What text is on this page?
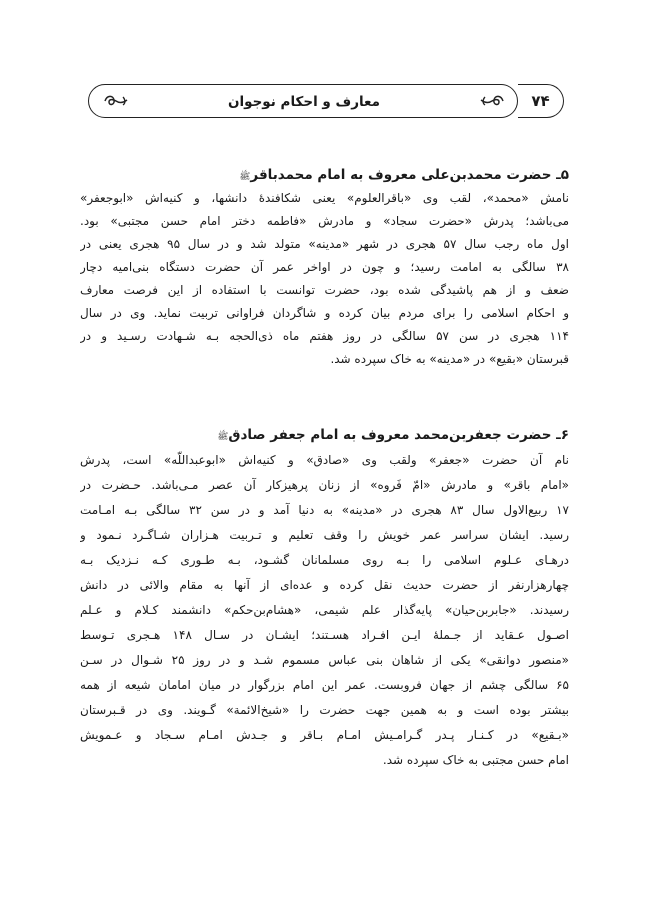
معارف و احکام نوجوان	۷۴
۵ـ حضرت محمدبن‌علی معروف به امام محمدباقرﷺ
نامش «محمد»، لقب وی «باقرالعلوم» یعنی شکافندهٔ دانشها، و کنیه‌اش «ابوجعفر»
می‌باشد؛ پدرش «حضرت سجاد» و مادرش «فاطمه دختر امام حسن مجتبی» بود.
اول ماه رجب سال ۵۷ هجری در شهر «مدینه» متولد شد و در سال ۹۵ هجری یعنی در
۳۸ سالگی به امامت رسید؛ و چون در اواخر عمر آن حضرت دستگاه بنی‌امیه دچار
ضعف و از هم پاشیدگی شده بود، حضرت توانست با استفاده از این فرصت معارف
و احکام اسلامی را برای مردم بیان کرده و شاگردان فراوانی تربیت نماید. وی در سال
۱۱۴ هجری در سن ۵۷ سالگی در روز هفتم ماه ذی‌الحجه بـه شـهادت رسـید و در
قبرستان «بقیع» در «مدینه» به خاک سپرده شد.
۶ـ حضرت جعفربن‌محمد معروف به امام جعفر صادقﷺ
نام آن حضرت «جعفر» ولقب وی «صادق» و کنیه‌اش «ابوعبداللّه» است، پدرش
«امام باقر» و مادرش «امّ فَروه» از زنان پرهیزکار آن عصر مـی‌باشد. حـضرت در
۱۷ ربیع‌الاول سال ۸۳ هجری در «مدینه» به دنیا آمد و در سن ۳۲ سالگی بـه امـامت
رسید. ایشان سراسر عمر خویش را وقف تعلیم و تـربیت هـزاران شـاگـرد نـمود و
درهـای عـلوم اسلامی را بـه روی مسلمانان گشـود، بـه طـوری کـه نـزدیک بـه
چهارهزارنفر از حضرت حدیث نقل کرده و عده‌ای از آنها به مقام والائی در دانش
رسیدند. «جابربن‌حیان» پایه‌گذار علم شیمی، «هشام‌بن‌حکم» دانشمند کـلام و عـلم
اصـول عـقاید از جـملهٔ ایـن افـراد هسـتند؛ ایشـان در سـال ۱۴۸ هـجری تـوسط
«منصور دوانقی» یکی از شاهان بنی عباس مسموم شـد و در روز ۲۵ شـوال در سـن
۶۵ سالگی چشم از جهان فروبست. عمر این امام بزرگوار در میان امامان شیعه از همه
بیشتر بوده است و به همین جهت حضرت را «شیخ‌الائمة» گـویند. وی در قـبرستان
«بـقیع» در کـنـار پـدر گـرامـیش امـام بـاقر و جـدش امـام سـجاد و عـمویش
امام حسن مجتبی به خاک سپرده شد.
